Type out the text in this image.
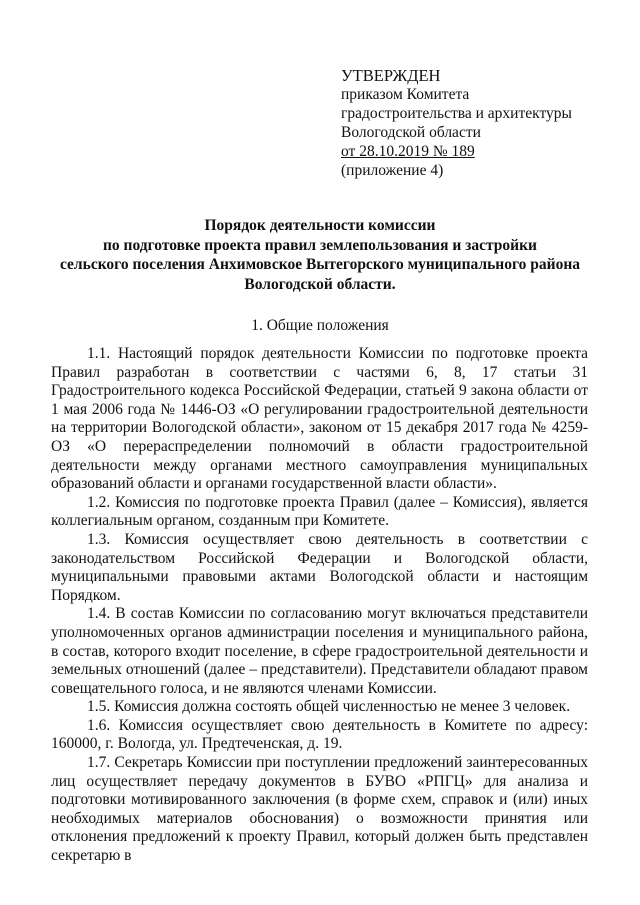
УТВЕРЖДЕН
приказом Комитета
градостроительства и архитектуры
Вологодской области
от 28.10.2019 № 189
(приложение 4)
Порядок деятельности комиссии
по подготовке проекта правил землепользования и застройки
сельского поселения Анхимовское Вытегорского муниципального района
Вологодской области.
1. Общие положения

1.1. Настоящий порядок деятельности Комиссии по подготовке проекта Правил разработан в соответствии с частями 6, 8, 17 статьи 31 Градостроительного кодекса Российской Федерации, статьей 9 закона области от 1 мая 2006 года № 1446-ОЗ «О регулировании градостроительной деятельности на территории Вологодской области», законом от 15 декабря 2017 года № 4259-ОЗ «О перераспределении полномочий в области градостроительной деятельности между органами местного самоуправления муниципальных образований области и органами государственной власти области».

1.2. Комиссия по подготовке проекта Правил (далее – Комиссия), является коллегиальным органом, созданным при Комитете.

1.3. Комиссия осуществляет свою деятельность в соответствии с законодательством Российской Федерации и Вологодской области, муниципальными правовыми актами Вологодской области и настоящим Порядком.

1.4. В состав Комиссии по согласованию могут включаться представители уполномоченных органов администрации поселения и муниципального района, в состав, которого входит поселение, в сфере градостроительной деятельности и земельных отношений (далее – представители). Представители обладают правом совещательного голоса, и не являются членами Комиссии.

1.5. Комиссия должна состоять общей численностью не менее 3 человек.

1.6. Комиссия осуществляет свою деятельность в Комитете по адресу: 160000, г. Вологда, ул. Предтеченская, д. 19.

1.7. Секретарь Комиссии при поступлении предложений заинтересованных лиц осуществляет передачу документов в БУВО «РПГЦ» для анализа и подготовки мотивированного заключения (в форме схем, справок и (или) иных необходимых материалов обоснования) о возможности принятия или отклонения предложений к проекту Правил, который должен быть представлен секретарю в
